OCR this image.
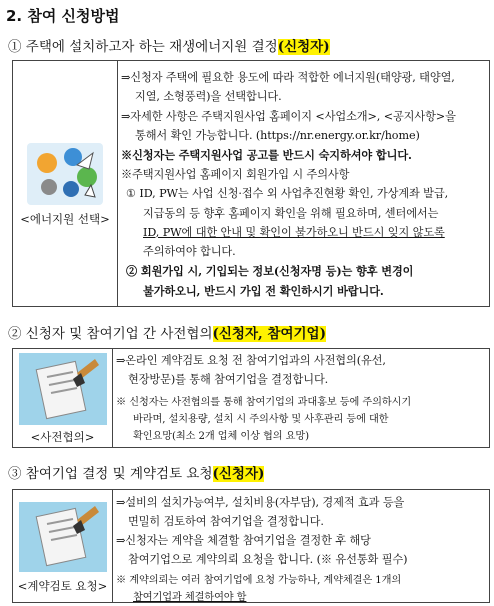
2. 참여 신청방법
① 주택에 설치하고자 하는 재생에너지원 결정(신청자)
<에너지원 선택>
⇒신청자 주택에 필요한 용도에 따라 적합한 에너지원(태양광, 태양열,
지열, 소형풍력)을 선택합니다.
⇒자세한 사항은 주택지원사업 홈페이지 <사업소개>, <공지사항>을
통해서 확인 가능합니다. (https://nr.energy.or.kr/home)
※신청자는 주택지원사업 공고를 반드시 숙지하셔야 합니다.
※주택지원사업 홈페이지 회원가입 시 주의사항
① ID, PW는 사업 신청·접수 외 사업추진현황 확인, 가상계좌 발급,
지급동의 등 향후 홈페이지 확인을 위해 필요하며, 센터에서는
ID, PW에 대한 안내 및 확인이 불가하오니 반드시 잊지 않도록
주의하여야 합니다.
② 회원가입 시, 기입되는 정보(신청자명 등)는 향후 변경이
불가하오니, 반드시 가입 전 확인하시기 바랍니다.
② 신청자 및 참여기업 간 사전협의(신청자, 참여기업)
<사전협의>
⇒온라인 계약검토 요청 전 참여기업과의 사전협의(유선,
현장방문)를 통해 참여기업을 결정합니다.
※ 신청자는 사전협의를 통해 참여기업의 과대홍보 등에 주의하시기
바라며, 설치용량, 설치 시 주의사항 및 사후관리 등에 대한
확인요망(최소 2개 업체 이상 협의 요망)
③ 참여기업 결정 및 계약검토 요청(신청자)
<계약검토 요청>
⇒설비의 설치가능여부, 설치비용(자부담), 경제적 효과 등을
면밀히 검토하여 참여기업을 결정합니다.
⇒신청자는 계약을 체결할 참여기업을 결정한 후 해당
참여기업으로 계약의뢰 요청을 합니다. (※ 유선통화 필수)
※ 계약의뢰는 여러 참여기업에 요청 가능하나, 계약체결은 1개의
참여기업과 체결하여야 함
